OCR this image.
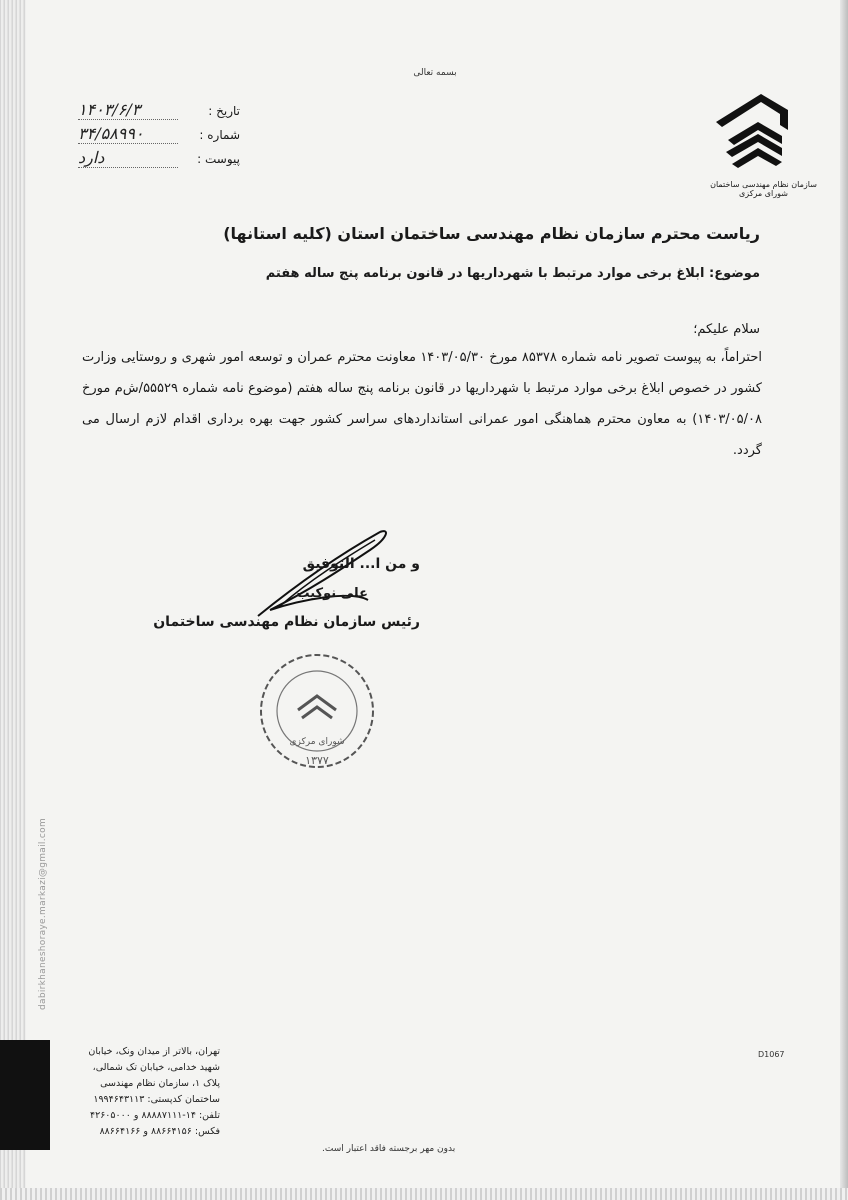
بسمه تعالی
تاریخ :
۱۴۰۳/۶/۳
شماره :
۳۴/۵۸۹۹۰
پیوست :
دارد
سازمان نظام مهندسی ساختمان
شورای مرکزی
ریاست محترم سازمان نظام مهندسی ساختمان استان (کلیه استانها)
موضوع: ابلاغ برخی موارد مرتبط با شهرداریها در قانون برنامه پنج ساله هفتم
سلام علیکم؛
احتراماً، به پیوست تصویر نامه شماره ۸۵۳۷۸ مورخ ۱۴۰۳/۰۵/۳۰ معاونت محترم عمران و توسعه امور شهری و روستایی وزارت کشور در خصوص ابلاغ برخی موارد مرتبط با شهرداریها در قانون برنامه پنج ساله هفتم (موضوع نامه شماره ۵۵۵۲۹/ش‌م مورخ ۱۴۰۳/۰۵/۰۸) به معاون محترم هماهنگی امور عمرانی استانداردهای سراسر کشور جهت بهره برداری اقدام لازم ارسال می گردد.
و من ا... التوفیق
علی نوکیب
رئیس سازمان نظام مهندسی ساختمان
شورای مرکزی
۱۳۷۷
dabirkhaneshoraye.markazi@gmail.com
تهران، بالاتر از میدان ونک، خیابان
شهید خدامی، خیابان تک شمالی،
پلاک ۱، سازمان نظام مهندسی
ساختمان کدپستی: ۱۹۹۴۶۴۳۱۱۳
تلفن: ۱۴-۸۸۸۸۷۱۱۱ و ۴۲۶۰۵۰۰۰
فکس: ۸۸۶۶۴۱۵۶ و ۸۸۶۶۴۱۶۶
D1067
بدون مهر برجسته فاقد اعتبار است.
